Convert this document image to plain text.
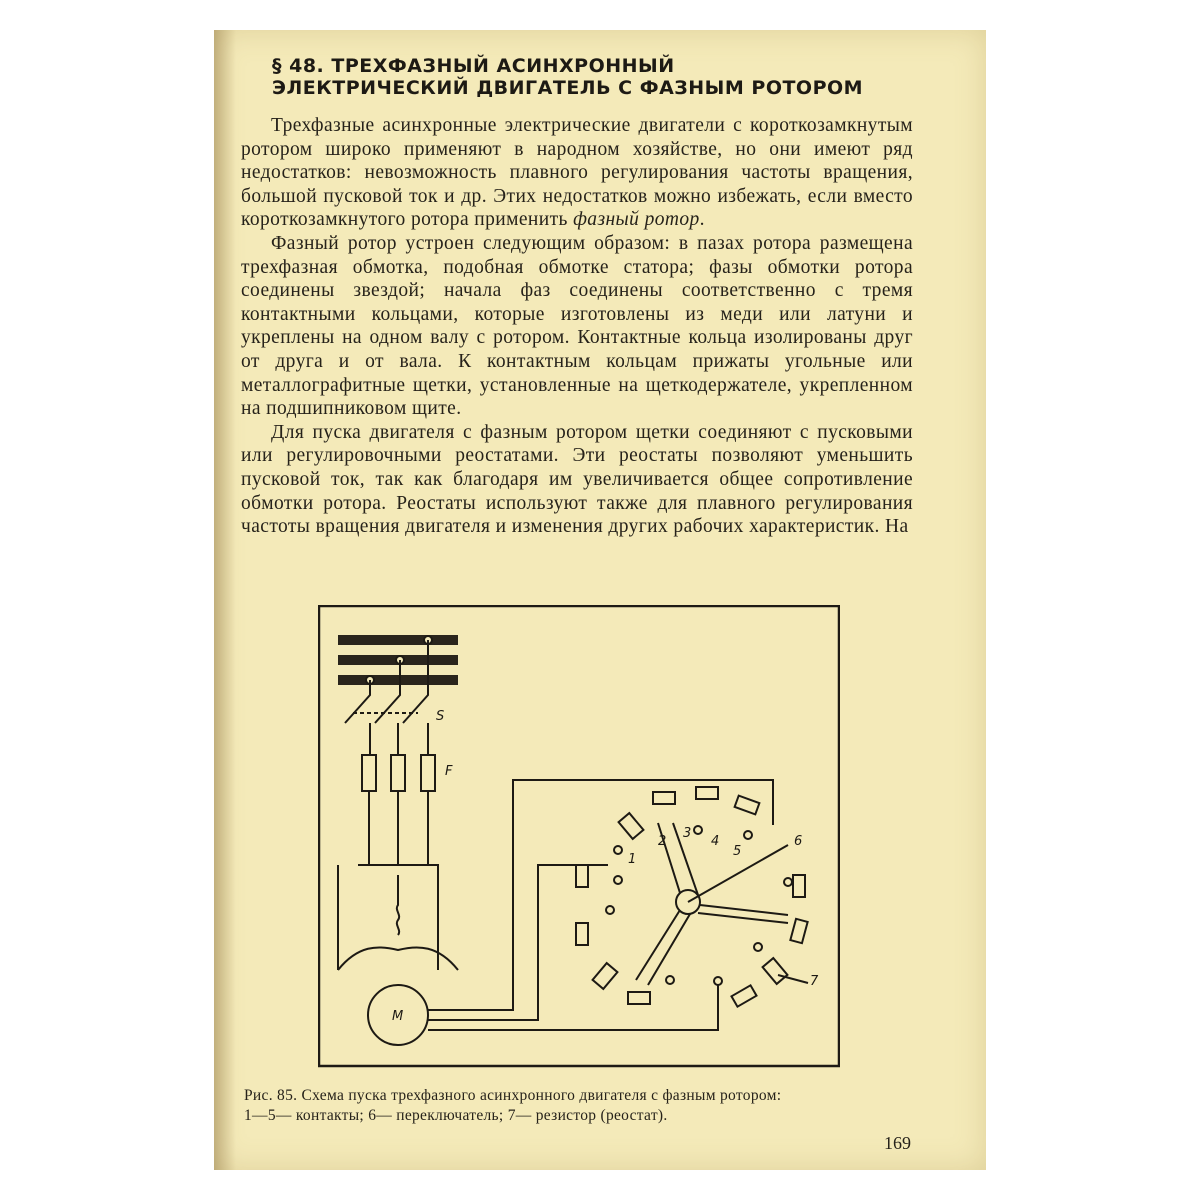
§ 48. ТРЕХФАЗНЫЙ АСИНХРОННЫЙ
ЭЛЕКТРИЧЕСКИЙ ДВИГАТЕЛЬ С ФАЗНЫМ РОТОРОМ

Трехфазные асинхронные электрические двигатели с короткозамкнутым ротором широко применяют в народном хозяйстве, но они имеют ряд недостатков: невозможность плавного регулирования частоты вращения, большой пусковой ток и др. Этих недостатков можно избежать, если вместо короткозамкнутого ротора применить фазный ротор.

Фазный ротор устроен следующим образом: в пазах ротора размещена трехфазная обмотка, подобная обмотке статора; фазы обмотки ротора соединены звездой; начала фаз соединены соответственно с тремя контактными кольцами, которые изготовлены из меди или латуни и укреплены на одном валу с ротором. Контактные кольца изолированы друг от друга и от вала. К контактным кольцам прижаты угольные или металлографитные щетки, установленные на щеткодержателе, укрепленном на подшипниковом щите.

Для пуска двигателя с фазным ротором щетки соединяют с пусковыми или регулировочными реостатами. Эти реостаты позволяют уменьшить пусковой ток, так как благодаря им увеличивается общее сопротивление обмотки ротора. Реостаты используют также для плавного регулирования частоты вращения двигателя и изменения других рабочих характеристик. На

S
F
M
6
7
1
2
3
4
5
Рис. 85. Схема пуска трехфазного асинхронного двигателя с фазным ротором:
1—5— контакты; 6— переключатель; 7— резистор (реостат).
169
